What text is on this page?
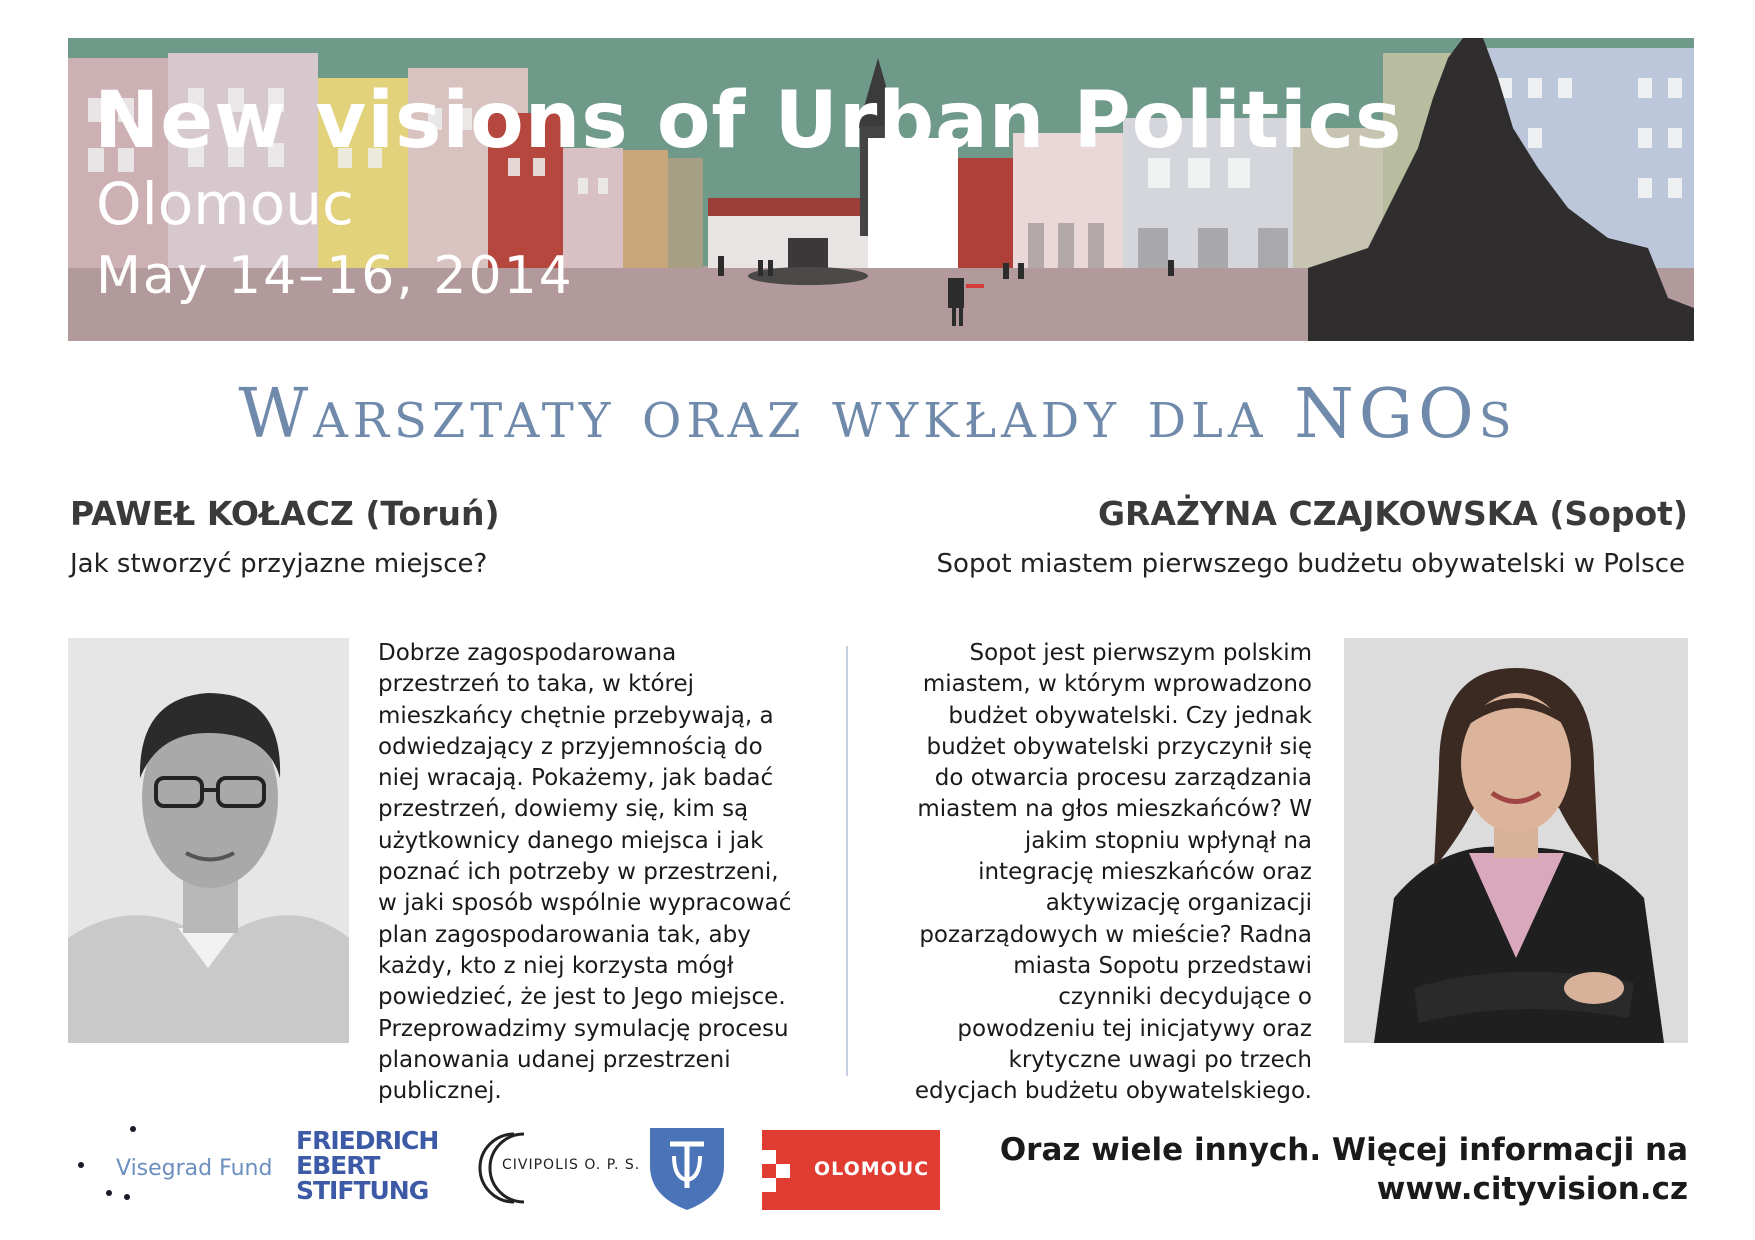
New visions of Urban Politics
Olomouc
May 14–16, 2014
Warsztaty oraz wykłady dla NGOs
PAWEŁ KOŁACZ (Toruń)
Jak stworzyć przyjazne miejsce?
Dobrze zagospodarowana
przestrzeń to taka, w której
mieszkańcy chętnie przebywają, a
odwiedzający z przyjemnością do
niej wracają. Pokażemy, jak badać
przestrzeń, dowiemy się, kim są
użytkownicy danego miejsca i jak
poznać ich potrzeby w przestrzeni,
w jaki sposób wspólnie wypracować
plan zagospodarowania tak, aby
każdy, kto z niej korzysta mógł
powiedzieć, że jest to Jego miejsce.
Przeprowadzimy symulację procesu
planowania udanej przestrzeni
publicznej.
GRAŻYNA CZAJKOWSKA (Sopot)
Sopot miastem pierwszego budżetu obywatelski w Polsce
Sopot jest pierwszym polskim
miastem, w którym wprowadzono
budżet obywatelski. Czy jednak
budżet obywatelski przyczynił się
do otwarcia procesu zarządzania
miastem na głos mieszkańców? W
jakim stopniu wpłynął na
integrację mieszkańców oraz
aktywizację organizacji
pozarządowych w mieście? Radna
miasta Sopotu przedstawi
czynniki decydujące o
powodzeniu tej inicjatywy oraz
krytyczne uwagi po trzech
edycjach budżetu obywatelskiego.
Visegrad Fund
FRIEDRICH
EBERT
STIFTUNG
CIVIPOLIS O. P. S.	OLOMOUC
Oraz wiele innych. Więcej informacji na
www.cityvision.cz
